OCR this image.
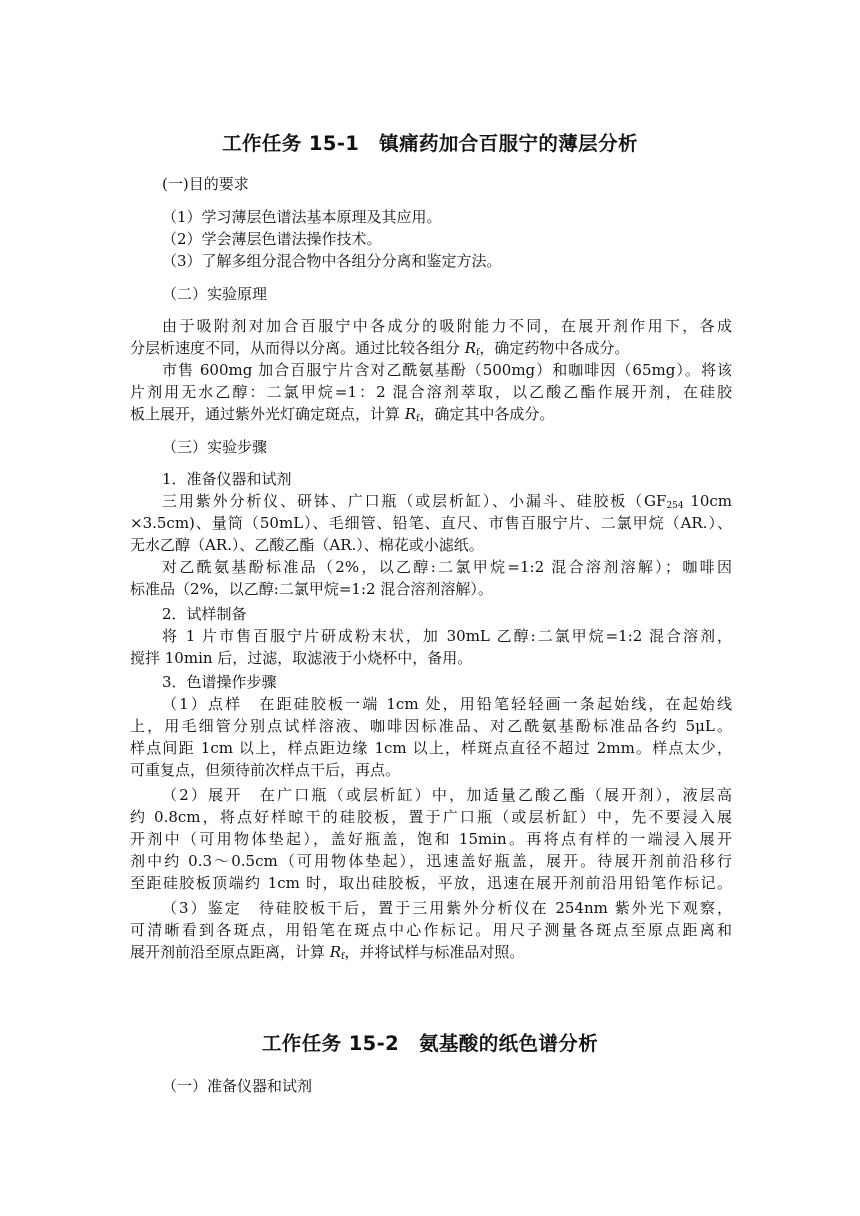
工作任务 15-1　镇痛药加合百服宁的薄层分析
(一)目的要求
（1）学习薄层色谱法基本原理及其应用。
（2）学会薄层色谱法操作技术。
（3）了解多组分混合物中各组分分离和鉴定方法。
（二）实验原理
由于吸附剂对加合百服宁中各成分的吸附能力不同，在展开剂作用下，各成
分层析速度不同，从而得以分离。通过比较各组分 $R_f$，确定药物中各成分。
市售 600mg 加合百服宁片含对乙酰氨基酚（500mg）和咖啡因（65mg）。将该
片剂用无水乙醇：二氯甲烷=1：2 混合溶剂萃取，以乙酸乙酯作展开剂，在硅胶
板上展开，通过紫外光灯确定斑点，计算 $R_f$，确定其中各成分。
（三）实验步骤
1．准备仪器和试剂
三用紫外分析仪、研钵、广口瓶（或层析缸）、小漏斗、硅胶板（$GF_{254}$ 10cm
×3.5cm)、量筒（50mL）、毛细管、铅笔、直尺、市售百服宁片、二氯甲烷（AR.）、
无水乙醇（AR.）、乙酸乙酯（AR.）、棉花或小滤纸。
对乙酰氨基酚标准品（2%，以乙醇:二氯甲烷=1:2 混合溶剂溶解）；咖啡因
标准品（2%，以乙醇:二氯甲烷=1:2 混合溶剂溶解）。
2．试样制备
将 1 片市售百服宁片研成粉末状，加 30mL 乙醇:二氯甲烷=1:2 混合溶剂，
搅拌 10min 后，过滤，取滤液于小烧杯中，备用。
3．色谱操作步骤
（1）点样　在距硅胶板一端 1cm 处，用铅笔轻轻画一条起始线，在起始线
上，用毛细管分别点试样溶液、咖啡因标准品、对乙酰氨基酚标准品各约 5μL。
样点间距 1cm 以上，样点距边缘 1cm 以上，样斑点直径不超过 2mm。样点太少，
可重复点，但须待前次样点干后，再点。
（2）展开　在广口瓶（或层析缸）中，加适量乙酸乙酯（展开剂），液层高
约 0.8cm，将点好样晾干的硅胶板，置于广口瓶（或层析缸）中，先不要浸入展
开剂中（可用物体垫起），盖好瓶盖，饱和 15min。再将点有样的一端浸入展开
剂中约 0.3～0.5cm（可用物体垫起），迅速盖好瓶盖，展开。待展开剂前沿移行
至距硅胶板顶端约 1cm 时，取出硅胶板，平放，迅速在展开剂前沿用铅笔作标记。
（3）鉴定　待硅胶板干后，置于三用紫外分析仪在 254nm 紫外光下观察，
可清晰看到各斑点，用铅笔在斑点中心作标记。用尺子测量各斑点至原点距离和
展开剂前沿至原点距离，计算 $R_f$，并将试样与标准品对照。
工作任务 15-2　氨基酸的纸色谱分析
（一）准备仪器和试剂
